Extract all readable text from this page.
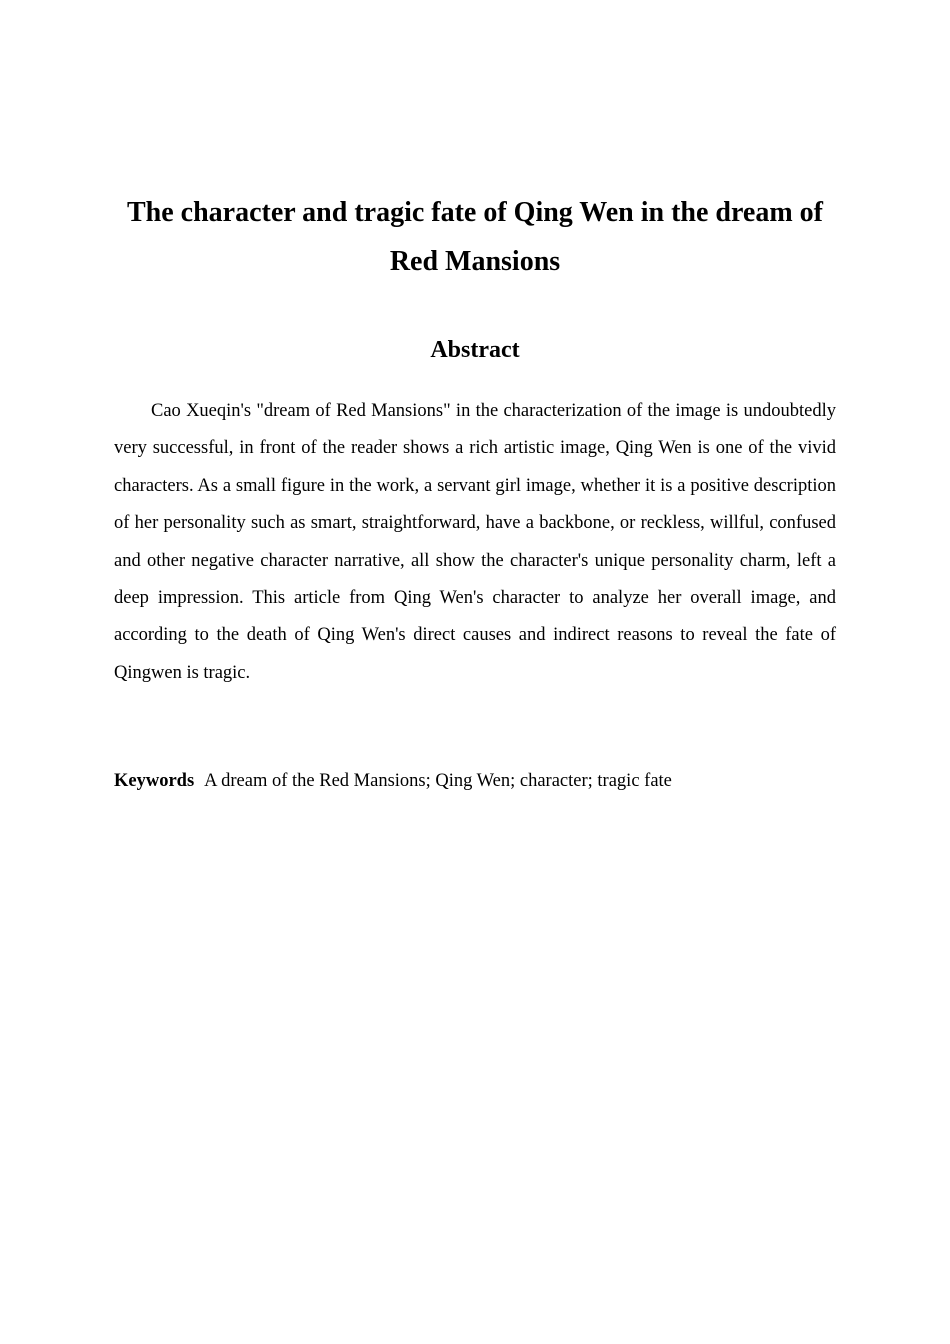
The character and tragic fate of Qing Wen in the dream of Red Mansions
Abstract

Cao Xueqin's "dream of Red Mansions" in the characterization of the image is undoubtedly very successful, in front of the reader shows a rich artistic image, Qing Wen is one of the vivid characters. As a small figure in the work, a servant girl image, whether it is a positive description of her personality such as smart, straightforward, have a backbone, or reckless, willful, confused and other negative character narrative, all show the character's unique personality charm, left a deep impression. This article from Qing Wen's character to analyze her overall image, and according to the death of Qing Wen's direct causes and indirect reasons to reveal the fate of Qingwen is tragic.

Keywords A dream of the Red Mansions; Qing Wen; character; tragic fate
